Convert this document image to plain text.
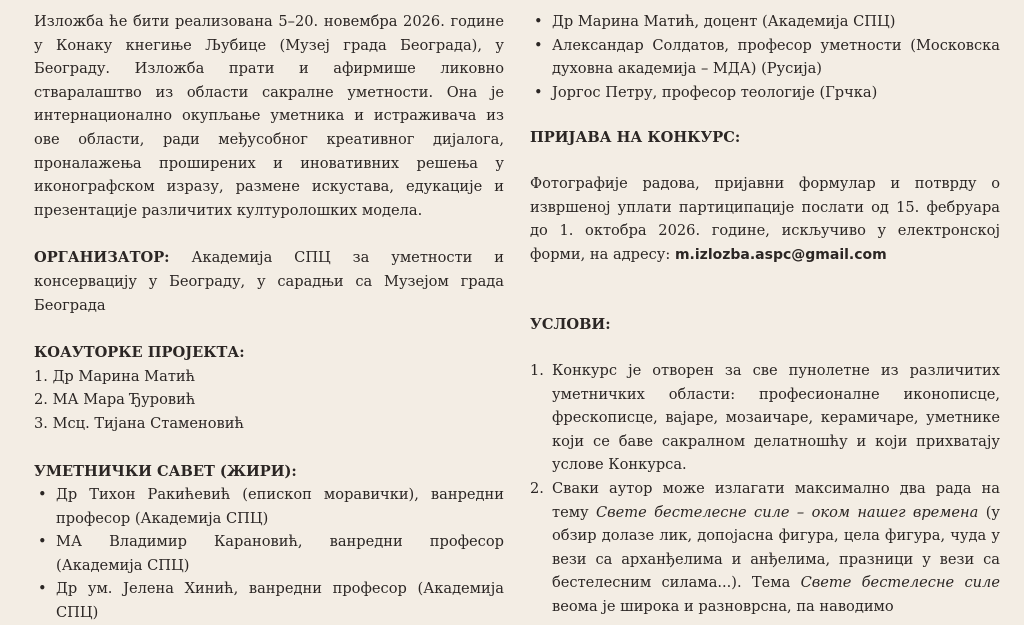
Изложба ће бити реализована 5–20. новембра 2026. године у Конаку кнегиње Љубице (Музеј града Београда), у Београду. Изложба прати и афирмише ликовно стваралаштво из области сакралне уметности. Она је интернационално окупљање уметника и истраживача из ове области, ради међусобног креативног дијалога, проналажења проширених и иновативних решења у иконографском изразу, размене искустава, едукације и презентације различитих културолошких модела.

ОРГАНИЗАТОР: Академија СПЦ за уметности и консервацију у Београду, у сарадњи са Музејом града Београда

КОАУТОРКЕ ПРОЈЕКТА:
1. Др Марина Матић
2. МА Мара Ђуровић
3. Мсц. Тијана Стаменовић
УМЕТНИЧКИ САВЕТ (ЖИРИ):
• Др Тихон Ракићевић (епископ моравички), ванредни професор (Академија СПЦ)
• МА Владимир Карановић, ванредни професор (Академија СПЦ)
• Др ум. Јелена Хинић, ванредни професор (Академија СПЦ)
• Др Марина Матић, доцент (Академија СПЦ)
• Александар Солдатов, професор уметности (Московска духовна академија – МДА) (Русија)
• Јоргос Петру, професор теологије (Грчка)
ПРИЈАВА НА КОНКУРС:

Фотографије радова, пријавни формулар и потврду о извршеној уплати партиципације послати од 15. фебруара до 1. октобра 2026. године, искључиво у електронској форми, на адресу: m.izlozba.aspc@gmail.com

УСЛОВИ:
1. Конкурс је отворен за све пунолетне из различитих уметничких области: професионалне иконописце, фрескописце, вајаре, мозаичаре, керамичаре, уметнике који се баве сакралном делатношћу и који прихватају услове Конкурса.
2. Сваки аутор може излагати максимално два рада на тему Свете бестелесне силе – оком нашег времена (у обзир долазе лик, допојасна фигура, цела фигура, чуда у вези са арханђелима и анђелима, празници у вези са бестелесним силама...). Тема Свете бестелесне силе веома је широка и разноврсна, па наводимо
